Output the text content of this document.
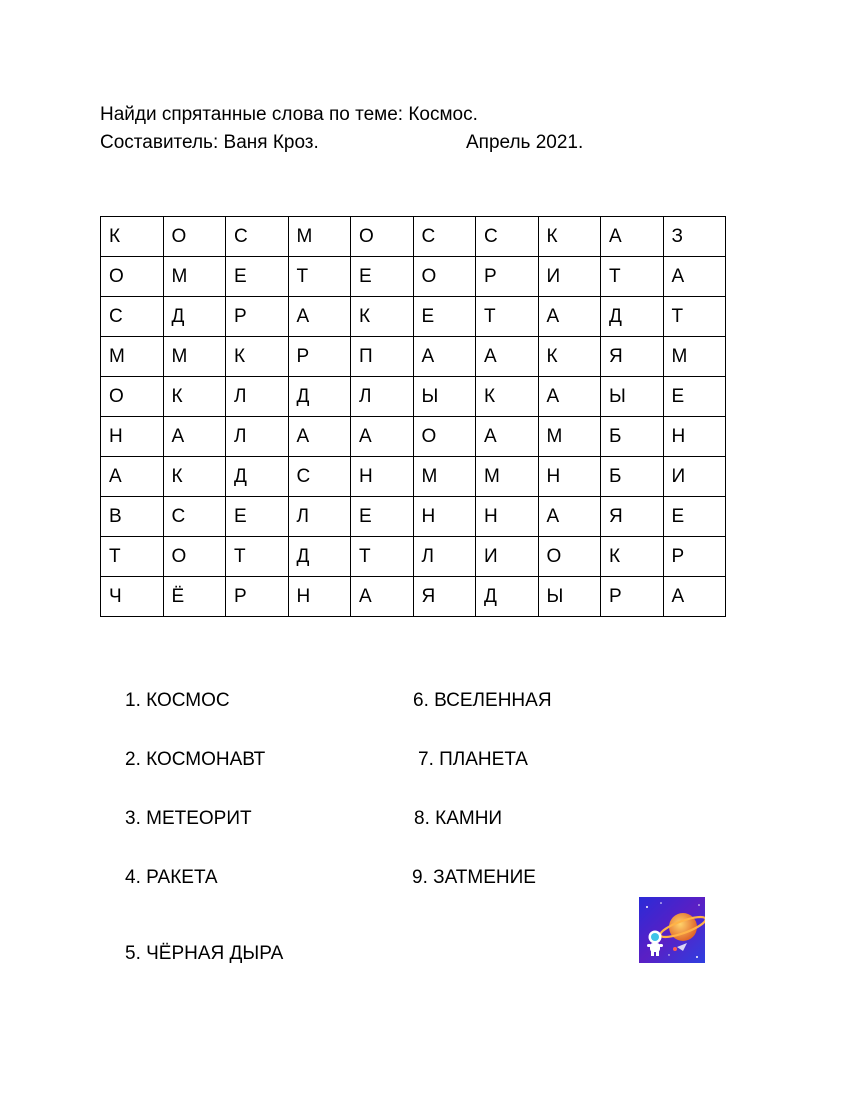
Найди спрятанные слова по теме: Космос.
Составитель: Ваня Кроз.	Апрель 2021.
К	О	С	М	О	С	С	К	А	З
О	М	Е	Т	Е	О	Р	И	Т	А
С	Д	Р	А	К	Е	Т	А	Д	Т
М	М	К	Р	П	А	А	К	Я	М
О	К	Л	Д	Л	Ы	К	А	Ы	Е
Н	А	Л	А	А	О	А	М	Б	Н
А	К	Д	С	Н	М	М	Н	Б	И
В	С	Е	Л	Е	Н	Н	А	Я	Е
Т	О	Т	Д	Т	Л	И	О	К	Р
Ч	Ё	Р	Н	А	Я	Д	Ы	Р	А
1. КОСМОС
2. КОСМОНАВТ
3. МЕТЕОРИТ
4. РАКЕТА
5. ЧЁРНАЯ ДЫРА
6. ВСЕЛЕННАЯ
7. ПЛАНЕТА
8. КАМНИ
9. ЗАТМЕНИЕ
